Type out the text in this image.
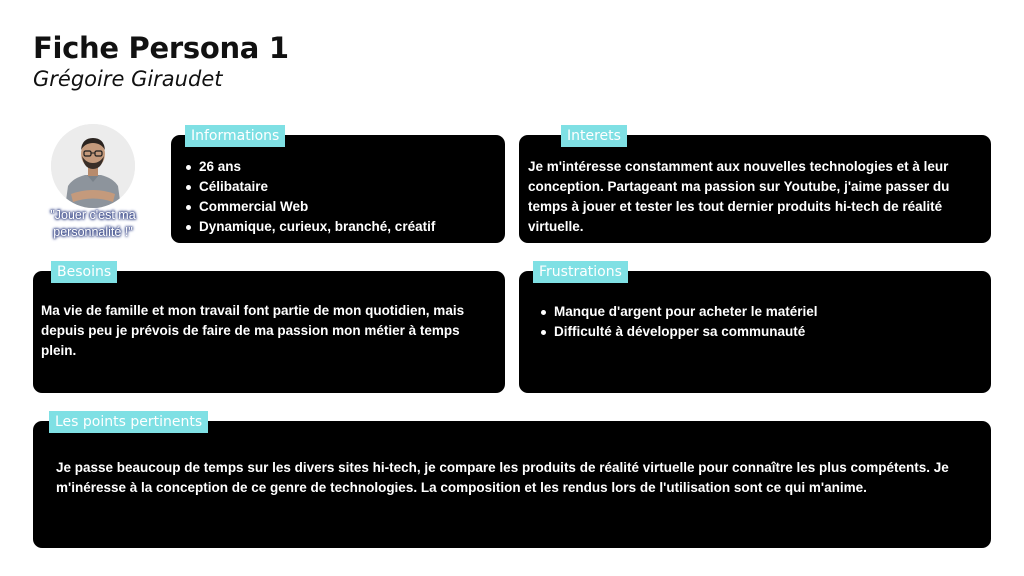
Fiche Persona 1
Grégoire Giraudet
"Jouer c'est ma personnalité !"
26 ans
Célibataire
Commercial Web
Dynamique, curieux, branché, créatif
Informations

Je m'intéresse constamment aux nouvelles technologies et à leur conception. Partageant ma passion sur Youtube, j'aime passer du temps à jouer et tester les tout dernier produits hi-tech de réalité virtuelle.

Interets

Ma vie de famille et mon travail font partie de mon quotidien, mais depuis peu je prévois de faire de ma passion mon métier à temps plein.

Besoins
Manque d'argent pour acheter le matériel
Difficulté à développer sa communauté
Frustrations

Je passe beaucoup de temps sur les divers sites hi-tech, je compare les produits de réalité virtuelle pour connaître les plus compétents. Je m'inéresse à la conception de ce genre de technologies. La composition et les rendus lors de l'utilisation sont ce qui m'anime.

Les points pertinents
